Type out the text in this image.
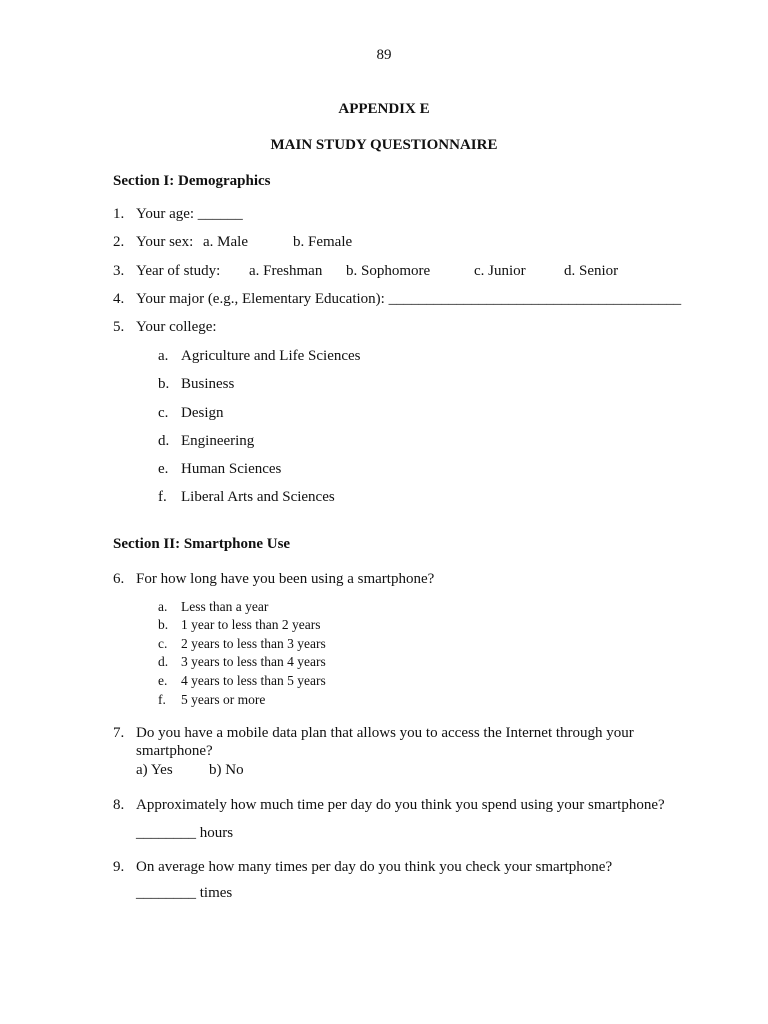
89
APPENDIX E
MAIN STUDY QUESTIONNAIRE
Section I: Demographics
1. Your age: ______
2. Your sex: a. Male	b. Female
3. Year of study: a. Freshman b. Sophomore	c. Junior	d. Senior
4. Your major (e.g., Elementary Education): _______________________________________
5. Your college:
a. Agriculture and Life Sciences
b. Business
c. Design
d. Engineering
e. Human Sciences
f. Liberal Arts and Sciences
Section II: Smartphone Use
6. For how long have you been using a smartphone?
a. Less than a year
b. 1 year to less than 2 years
c. 2 years to less than 3 years
d. 3 years to less than 4 years
e. 4 years to less than 5 years
f. 5 years or more
7. Do you have a mobile data plan that allows you to access the Internet through your
smartphone?
a) Yes b) No
8. Approximately how much time per day do you think you spend using your smartphone?
________ hours
9. On average how many times per day do you think you check your smartphone?
________ times
